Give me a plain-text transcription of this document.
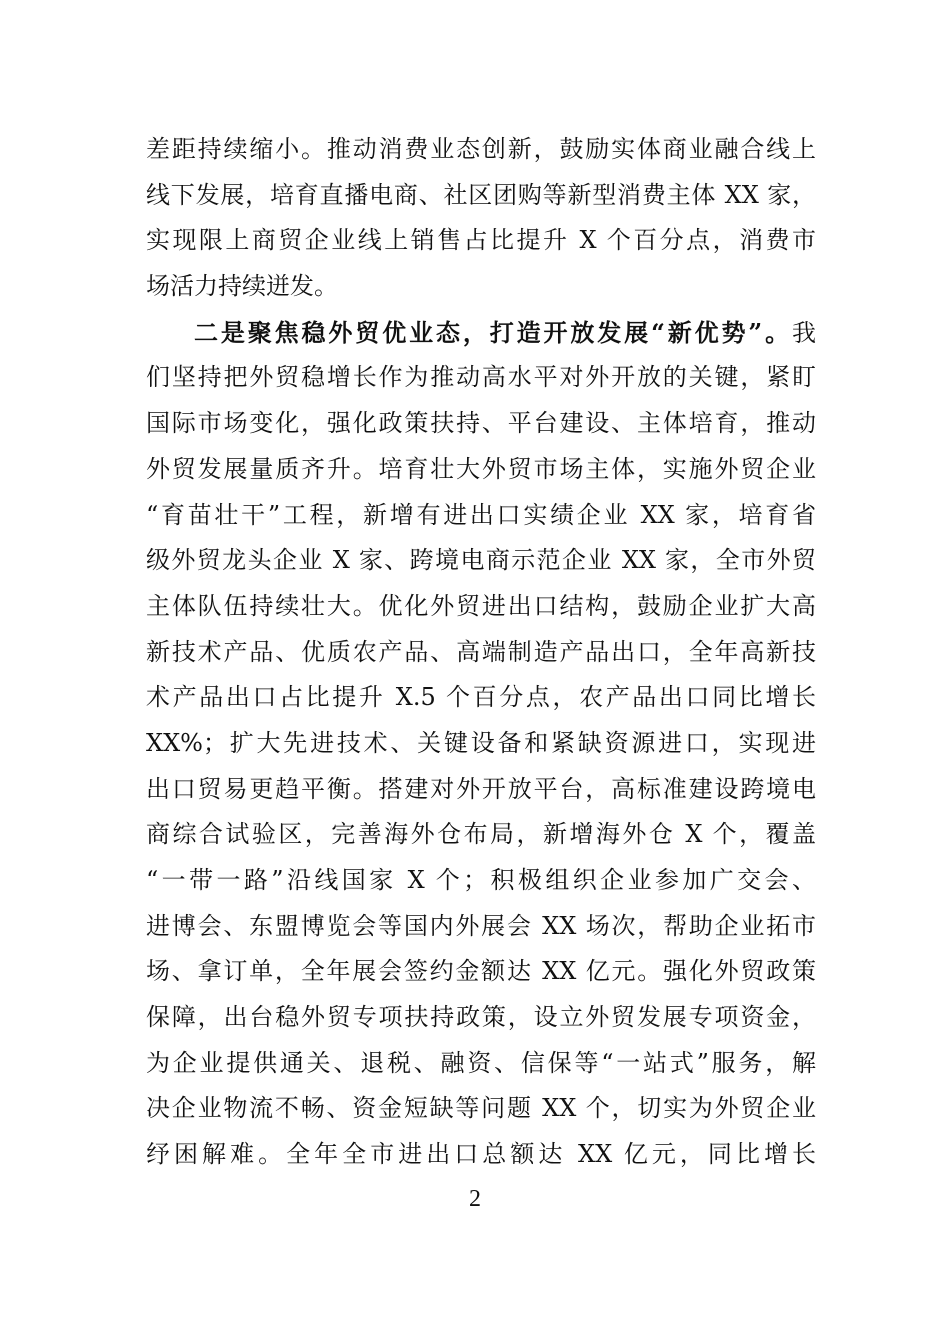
差距持续缩小。推动消费业态创新，鼓励实体商业融合线上
线下发展，培育直播电商、社区团购等新型消费主体 XX 家，
实现限上商贸企业线上销售占比提升 X 个百分点，消费市
场活力持续迸发。
二是聚焦稳外贸优业态，打造开放发展“新优势”。我
们坚持把外贸稳增长作为推动高水平对外开放的关键，紧盯
国际市场变化，强化政策扶持、平台建设、主体培育，推动
外贸发展量质齐升。培育壮大外贸市场主体，实施外贸企业
“育苗壮干”工程，新增有进出口实绩企业 XX 家，培育省
级外贸龙头企业 X 家、跨境电商示范企业 XX 家，全市外贸
主体队伍持续壮大。优化外贸进出口结构，鼓励企业扩大高
新技术产品、优质农产品、高端制造产品出口，全年高新技
术产品出口占比提升 X.5 个百分点，农产品出口同比增长
XX%；扩大先进技术、关键设备和紧缺资源进口，实现进
出口贸易更趋平衡。搭建对外开放平台，高标准建设跨境电
商综合试验区，完善海外仓布局，新增海外仓 X 个，覆盖
“一带一路”沿线国家 X 个；积极组织企业参加广交会、
进博会、东盟博览会等国内外展会 XX 场次，帮助企业拓市
场、拿订单，全年展会签约金额达 XX 亿元。强化外贸政策
保障，出台稳外贸专项扶持政策，设立外贸发展专项资金，
为企业提供通关、退税、融资、信保等“一站式”服务，解
决企业物流不畅、资金短缺等问题 XX 个，切实为外贸企业
纾困解难。全年全市进出口总额达 XX 亿元，同比增长
2
